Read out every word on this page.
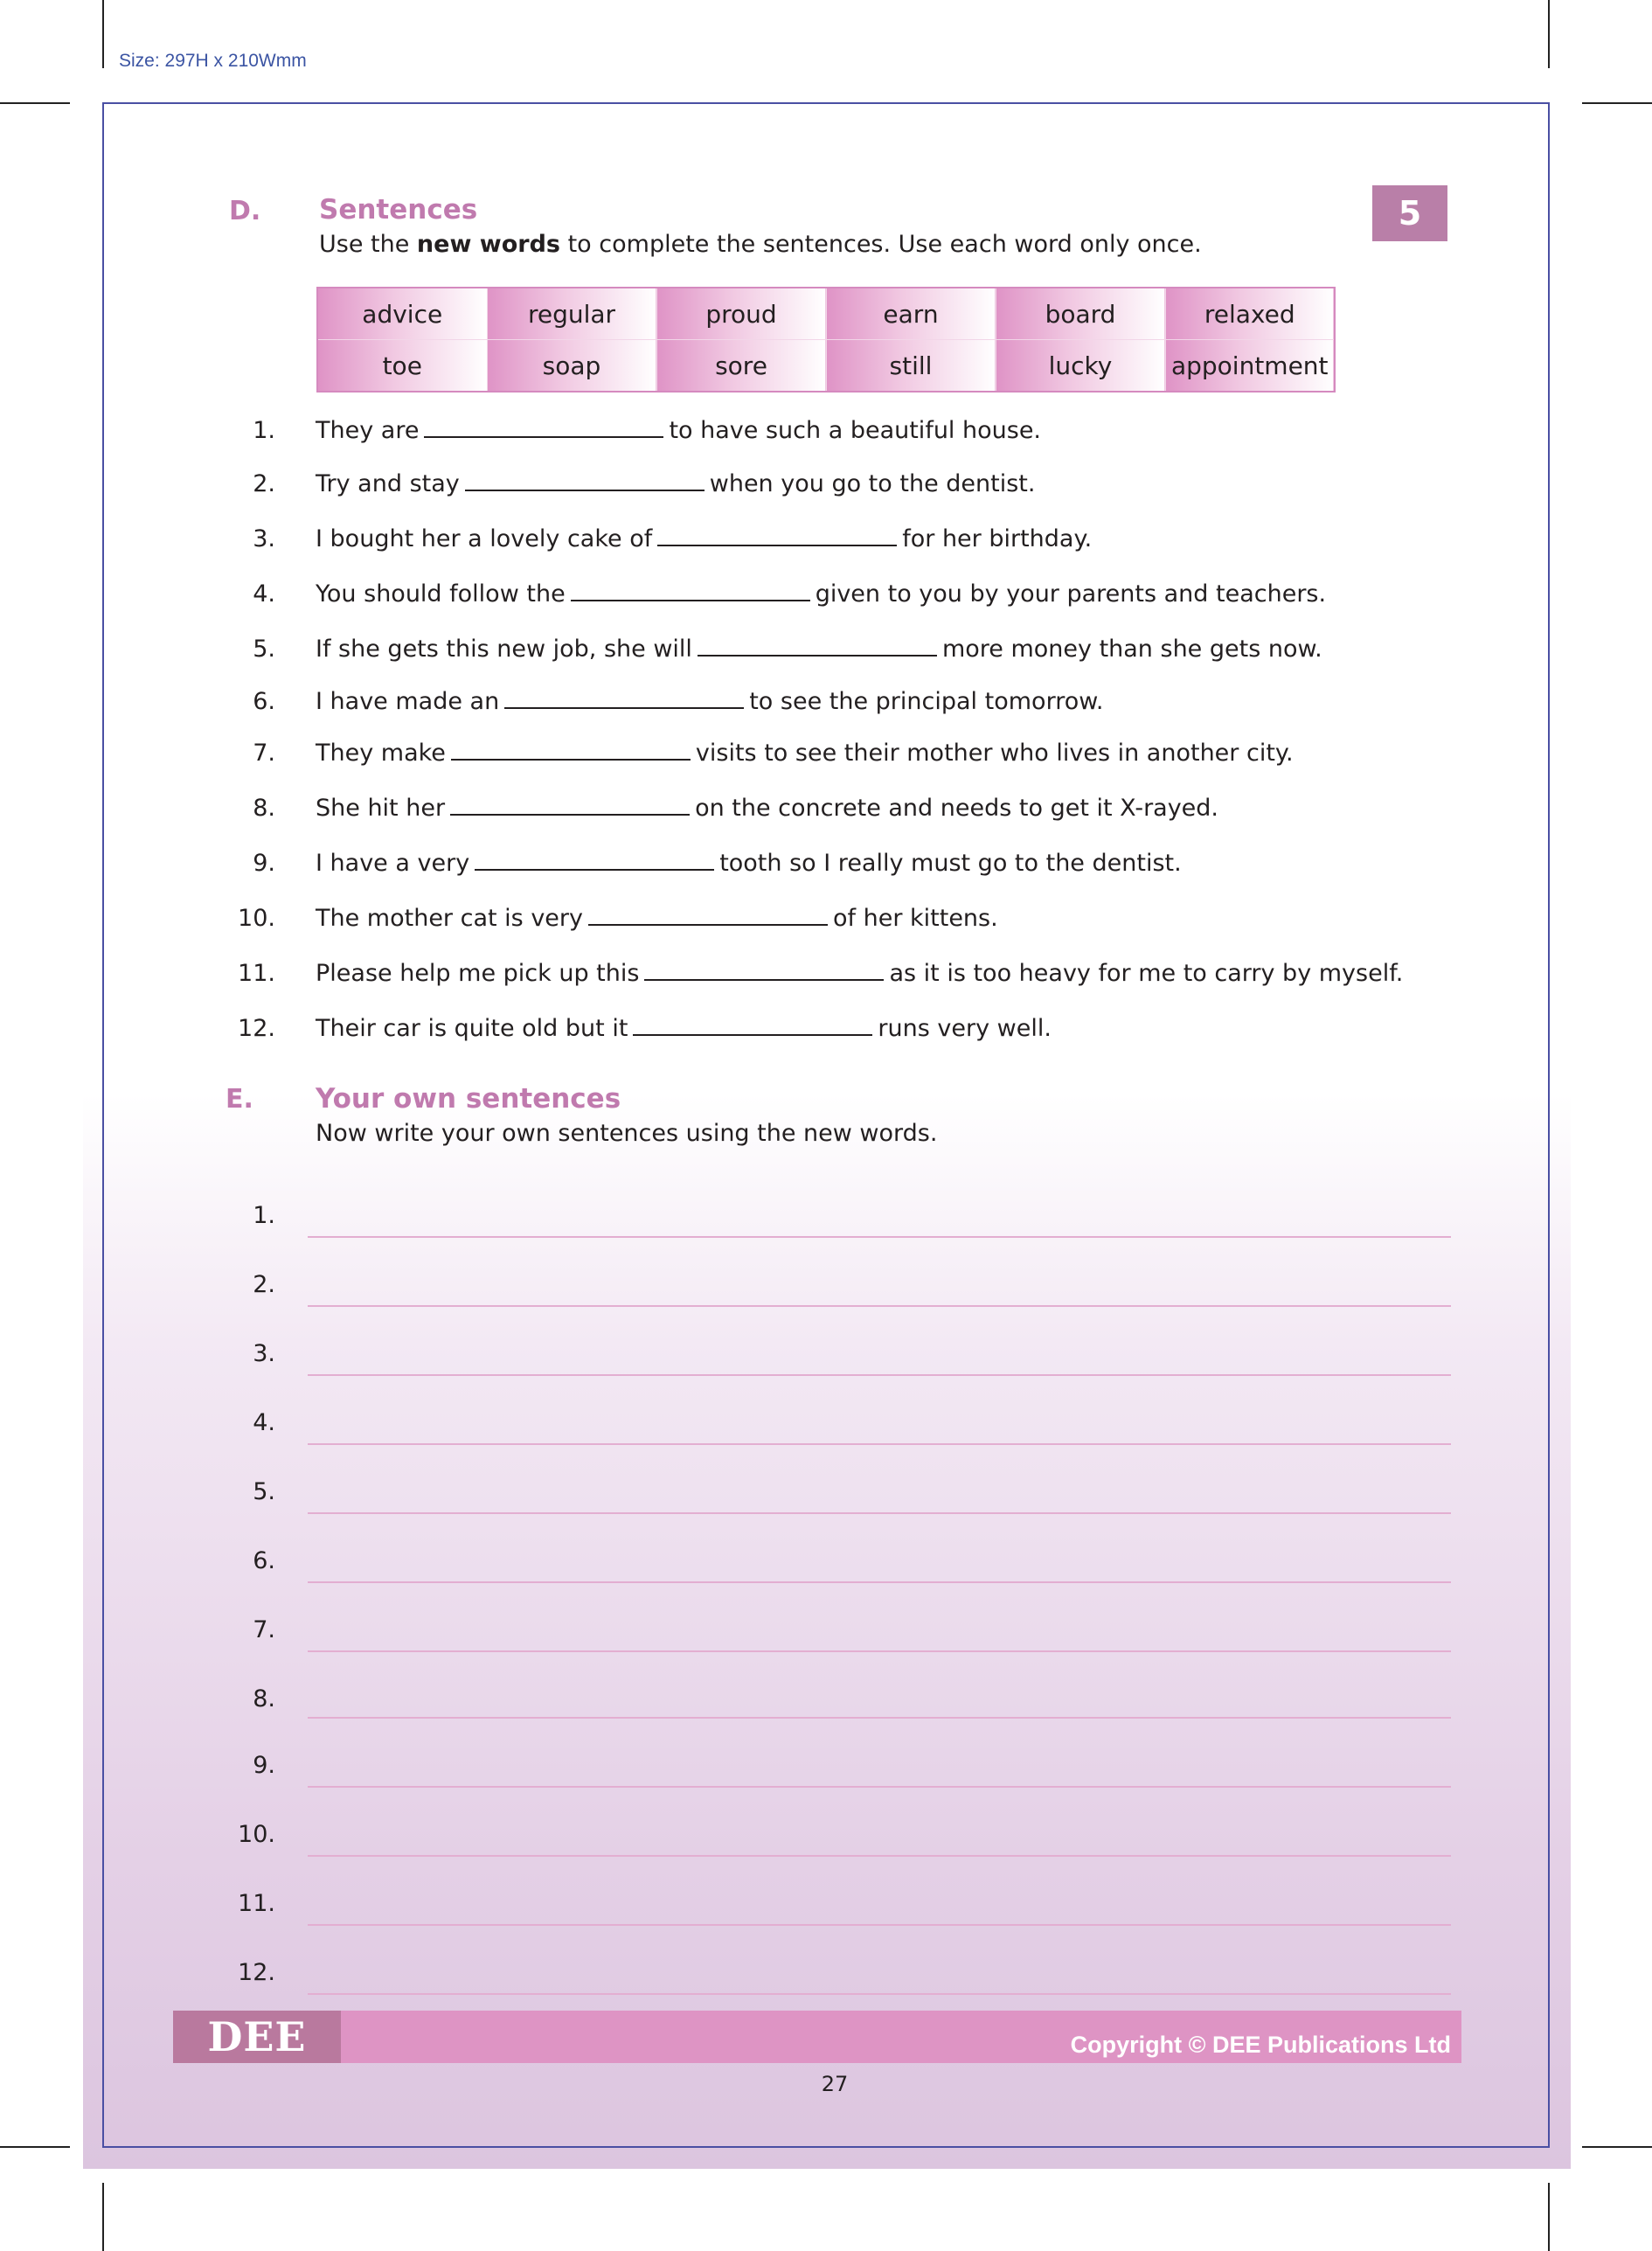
Size: 297H x 210Wmm
5
D. Sentences
Use the new words to complete the sentences. Use each word only once.
advice	regular	proud	earn	board	relaxed
toe	soap	sore	still	lucky	appointment
1. They are	to have such a beautiful house.
2. Try and stay	when you go to the dentist.
3. I bought her a lovely cake of	for her birthday.
4. You should follow the	given to you by your parents and teachers.
5. If she gets this new job, she will	more money than she gets now.
6. I have made an	to see the principal tomorrow.
7. They make	visits to see their mother who lives in another city.
8. She hit her	on the concrete and needs to get it X-rayed.
9. I have a very	tooth so I really must go to the dentist.
10. The mother cat is very	of her kittens.
11. Please help me pick up this	as it is too heavy for me to carry by myself.
12. Their car is quite old but it	runs very well.
E. Your own sentences
Now write your own sentences using the new words.
1.
2.
3.
4.
5.
6.
7.
8.
9.
10.
11.
12.
DEE	Copyright © DEE Publications Ltd
27
